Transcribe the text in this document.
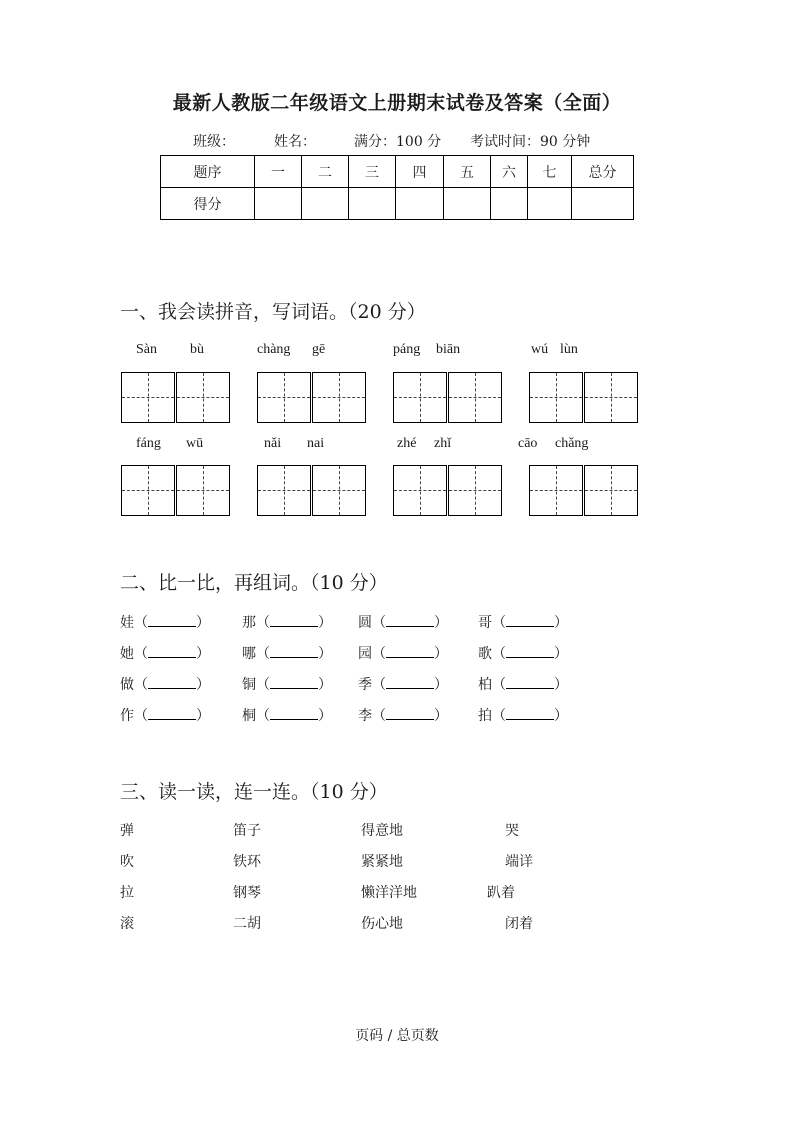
最新人教版二年级语文上册期末试卷及答案（全面）
班级：	姓名：	满分：100 分 考试时间：90 分钟
题序	一	二	三	四	五	六	七	总分
得分								
一、我会读拼音，写词语。（20 分）
Sàn bù	chàng gē	páng biān	wú lùn
fáng wū	nǎi nai	zhé zhǐ	cāo chǎng
二、比一比，再组词。（10 分）
娃（	） 那（	） 圆（	） 哥（	）
她（	） 哪（	） 园（	） 歌（	）
做（	） 铜（	） 季（	） 柏（	）
作（	） 桐（	） 李（	） 拍（	）
三、读一读，连一连。（10 分）
弹	笛子	得意地	哭
吹	铁环	紧紧地	端详
拉	钢琴	懒洋洋地	趴着
滚	二胡	伤心地	闭着
页码 / 总页数
